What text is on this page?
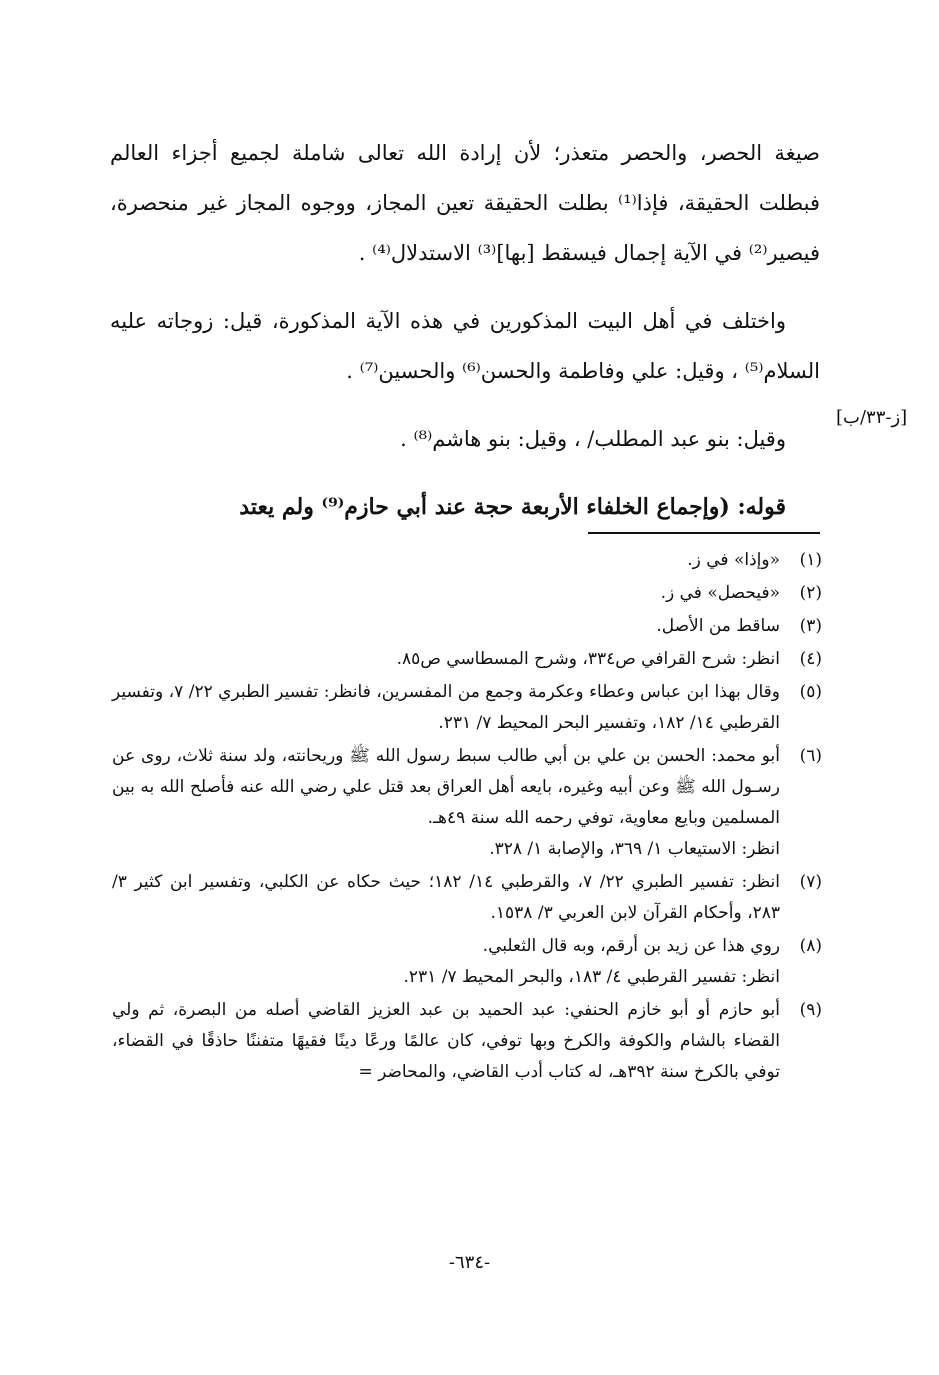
صيغة الحصر، والحصر متعذر؛ لأن إرادة الله تعالى شاملة لجميع أجزاء العالم فبطلت الحقيقة، فإذا⁽¹⁾ بطلت الحقيقة تعين المجاز، ووجوه المجاز غير منحصرة، فيصير⁽²⁾ في الآية إجمال فيسقط [بها]⁽³⁾ الاستدلال⁽⁴⁾ .

واختلف في أهل البيت المذكورين في هذه الآية المذكورة، قيل: زوجاته عليه السلام⁽⁵⁾ ، وقيل: علي وفاطمة والحسن⁽⁶⁾ والحسين⁽⁷⁾ .

وقيل: بنو عبد المطلب/ ، وقيل: بنو هاشم⁽⁸⁾ .

قوله: (وإجماع الخلفاء الأربعة حجة عند أبي حازم⁽⁹⁾ ولم يعتد

[ز-٣٣/ب]
(١)
«وإذا» في ز.
(٢)
«فيحصل» في ز.
(٣)
ساقط من الأصل.
(٤)
انظر: شرح القرافي ص٣٣٤، وشرح المسطاسي ص٨٥.
(٥)
وقال بهذا ابن عباس وعطاء وعكرمة وجمع من المفسرين، فانظر: تفسير الطبري ٢٢/ ٧، وتفسير القرطبي ١٤/ ١٨٢، وتفسير البحر المحيط ٧/ ٢٣١.
(٦)
أبو محمد: الحسن بن علي بن أبي طالب سبط رسول الله ﷺ وريحانته، ولد سنة ثلاث، روى عن رسـول الله ﷺ وعن أبيه وغيره، بايعه أهل العراق بعد قتل علي رضي الله عنه فأصلح الله به بين المسلمين وبايع معاوية، توفي رحمه الله سنة ٤٩هـ.
انظر: الاستيعاب ١/ ٣٦٩، والإصابة ١/ ٣٢٨.
(٧)
انظر: تفسير الطبري ٢٢/ ٧، والقرطبي ١٤/ ١٨٢؛ حيث حكاه عن الكلبي، وتفسير ابن كثير ٣/ ٢٨٣، وأحكام القرآن لابن العربي ٣/ ١٥٣٨.
(٨)
روي هذا عن زيد بن أرقم، وبه قال الثعلبي.
انظر: تفسير القرطبي ٤/ ١٨٣، والبحر المحيط ٧/ ٢٣١.
(٩)
أبو حازم أو أبو خازم الحنفي: عبد الحميد بن عبد العزيز القاضي أصله من البصرة، ثم ولي القضاء بالشام والكوفة والكرخ وبها توفي، كان عالمًا ورعًا دينًا فقيهًا متفننًا حاذقًا في القضاء، توفي بالكرخ سنة ٣٩٢هـ، له كتاب أدب القاضي، والمحاضر =
-٦٣٤-
